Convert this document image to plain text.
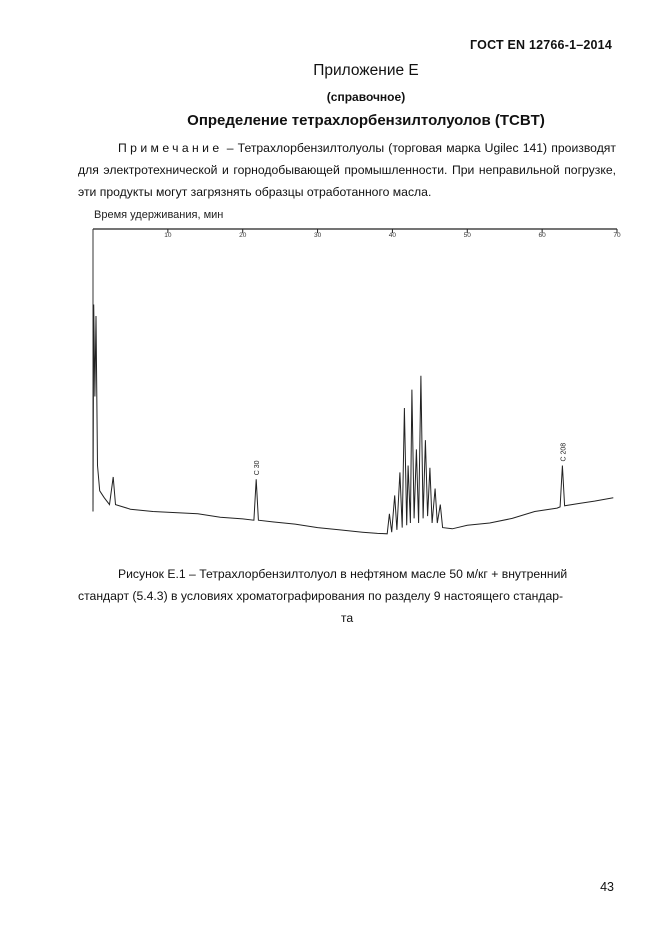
ГОСТ EN 12766-1–2014
Приложение Е
(справочное)
Определение тетрахлорбензилтолуолов (TCBT)
Примечание – Тетрахлорбензилтолуолы (торговая марка Ugilec 141) производят для электротехнической и горнодобывающей промышленности. При неправильной погрузке, эти продукты могут загрязнять образцы отработанного масла.
Время удерживания, мин
10	20	30	40	50	60	70
C 30
C 208
Рисунок Е.1 – Тетрахлорбензилтолуол в нефтяном масле 50 м/кг + внутренний
стандарт (5.4.3) в условиях хроматографирования по разделу 9 настоящего стандар-
та
43
